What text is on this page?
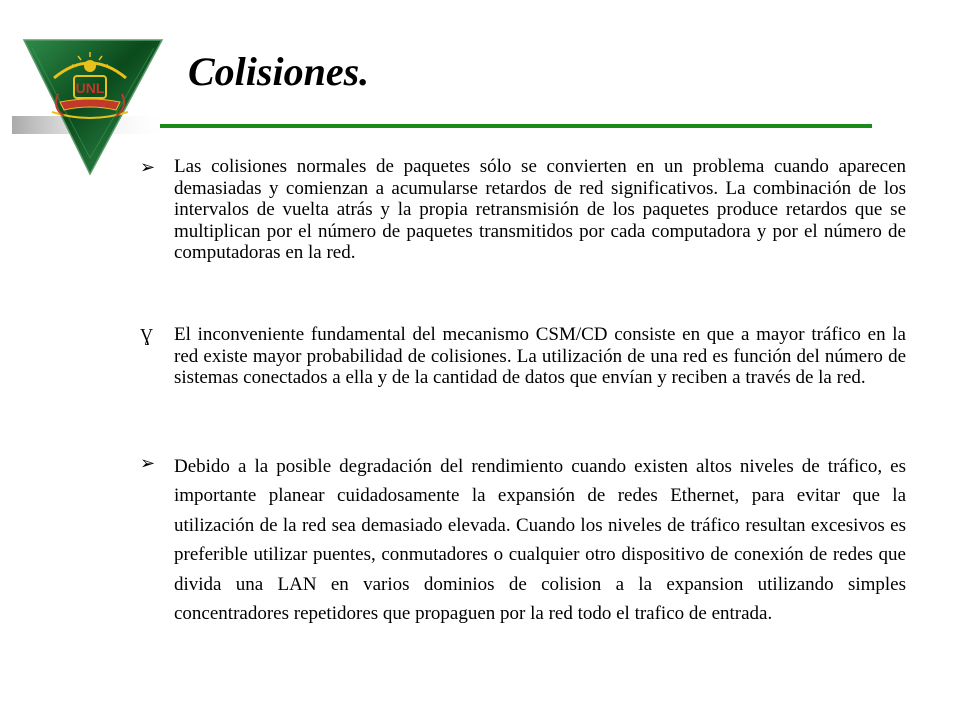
UNL Colisiones.
➢ Las colisiones normales de paquetes sólo se convierten en un problema cuando aparecen demasiadas y comienzan a acumularse retardos de red significativos. La combinación de los intervalos de vuelta atrás y la propia retransmisión de los paquetes produce retardos que se multiplican por el número de paquetes transmitidos por cada computadora y por el número de computadoras en la red.

Ɣ	El inconveniente fundamental del mecanismo CSM/CD consiste en que a mayor tráfico en la red existe mayor probabilidad de colisiones. La utilización de una red es función del número de sistemas conectados a ella y de la cantidad de datos que envían y reciben a través de la red.

➢ Debido a la posible degradación del rendimiento cuando existen altos niveles de tráfico, es importante planear cuidadosamente la expansión de redes Ethernet, para evitar que la utilización de la red sea demasiado elevada. Cuando los niveles de tráfico resultan excesivos es preferible utilizar puentes, conmutadores o cualquier otro dispositivo de conexión de redes que divida una LAN en varios dominios de colision a la expansion utilizando simples concentradores repetidores que propaguen por la red todo el trafico de entrada.
